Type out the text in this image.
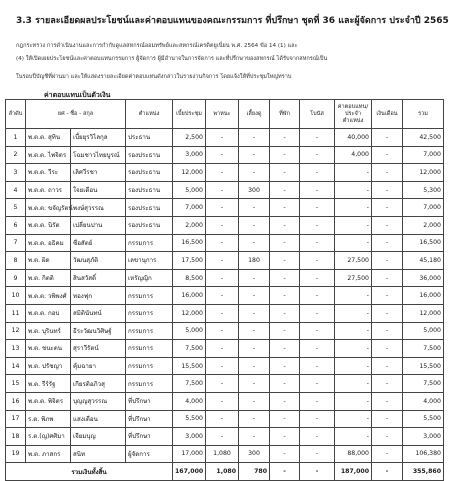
3.3 รายละเอียดผลประโยชน์และค่าตอบแทนของคณะกรรมการ ที่ปรึกษา ชุดที่ 36 และผู้จัดการ ประจำปี 2565
กฎกระทรวง การดำเนินงานและการกำกับดูแลสหกรณ์ออมทรัพย์และสหกรณ์เครดิตยูเนี่ยน พ.ศ. 2564 ข้อ 14 (1) และ
(4) ให้เปิดเผยประโยชน์และค่าตอบแทนกรรมการ ผู้จัดการ ผู้มีอำนาจในการจัดการ และที่ปรึกษาของสหกรณ์ ได้รับจากสหกรณ์เป็น
ในรอบปีบัญชีที่ผ่านมา และให้แสดงรายละเอียดค่าตอบแทนดังกล่าวในรายงานกิจการ โดยแจ้งให้ที่ประชุมใหญ่ทราบ
ค่าตอบแทนเป็นตัวเงิน
ลำดับ	ยศ - ชื่อ - สกุล		ตำแหน่ง	เบี้ยประชุม	พาหนะ	เลี้ยงดู	ที่พัก	โบนัส	ค่าตอบแทน/ประจำตำแหน่ง	เงินเดือน	รวม
1	พ.ต.ต. สุทิน	เบี้ยยุรวิไลกุล	ประธาน	2,500	-	-	-	-	40,000	-	42,500
2	พ.ต.ต. ไพจิตร	โฉมชาวไทยบูรณ์	รองประธาน	3,000	-	-	-	-	4,000	-	7,000
3	พ.ต.ต. วีระ	เลิศวีรชา	รองประธาน	12,000	-	-	-	-	-	-	12,000
4	พ.ต.ต. ถาวร	ใจยเดือน	รองประธาน	5,000	-	300	-	-	-	-	5,300
5	พ.ต.ต. ขจัญรัตน์	พงษ์สุวรรณ	รองประธาน	7,000	-	-	-	-	-	-	7,000
6	พ.ต.ต. นิรัต	เปลี่ยนปาน	รองประธาน	2,000	-	-	-	-	-	-	2,000
7	พ.ต.ต. อธิคม	ซื่อสัตย์	กรรมการ	16,500	-	-	-	-	-	-	16,500
8	พ.ต. ผิด	วัฒนสุภัติ	เลขานุการ	17,500	-	180	-	-	27,500	-	45,180
9	พ.ต. กิตติ	สินสวัสดิ์	เหรัญญิก	8,500	-	-	-	-	27,500	-	36,000
10	พ.ต.ต. วพิพงศ์	ทองฟุก	กรรมการ	16,000	-	-	-	-	-	-	16,000
11	พ.ต.ต. กอบ	สมิตินันทน์	กรรมการ	12,000	-	-	-	-	-	-	12,000
12	พ.ต. บุรินทร์	ธีระวัฒนวิศิษฐ์	กรรมการ	5,000	-	-	-	-	-	-	5,000
13	พ.ต. ชนะดน	สุราวีรัตน์	กรรมการ	7,500	-	-	-	-	-	-	7,500
14	พ.ต. ปรัชญา	คุ้มฉายา	กรรมการ	15,500	-	-	-	-	-	-	15,500
15	พ.ต. รีร์รัฐ	เกียรติอภิวสุ	กรรมการ	7,500	-	-	-	-	-	-	7,500
16	พ.ต.ต. พิจิตร	บุญญสุวรรณ	ที่ปรึกษา	4,000	-	-	-	-	-	-	4,000
17	ร.ต. พิภพ	แสงเดือน	ที่ปรึกษา	5,500	-	-	-	-	-	-	5,500
18	ร.ต.(ญ)ศศิมา	เจียมบุญ	ที่ปรึกษา	3,000	-	-	-	-	-	-	3,000
19	พ.ต. ภาสกร	สนิท	ผู้จัดการ	17,000	1,080	300	-	-	88,000	-	106,380
รวมเงินทั้งสิ้น				167,000	1,080	780	-	-	187,000	-	355,860
